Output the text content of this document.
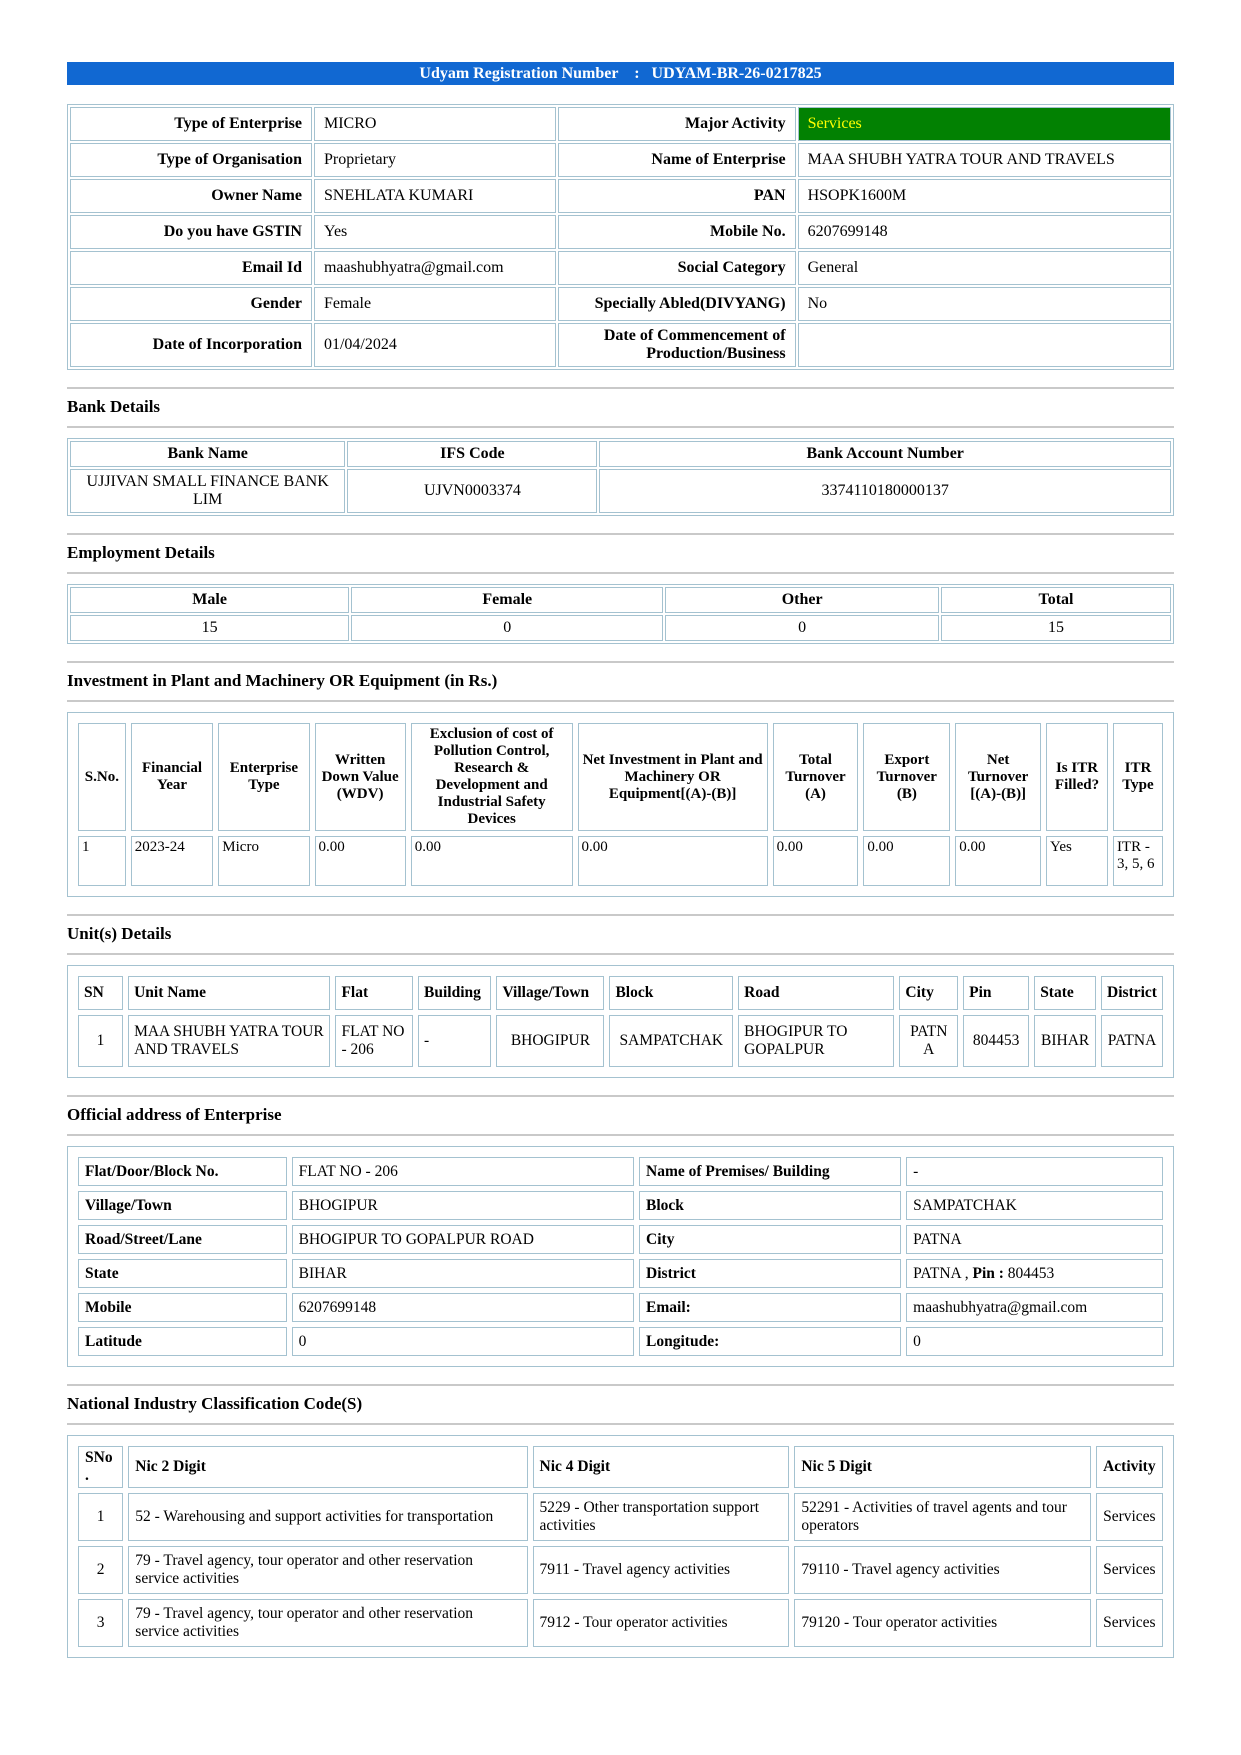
Udyam Registration Number    :   UDYAM-BR-26-0217825
Type of Enterprise	MICRO	Major Activity	Services
Type of Organisation	Proprietary	Name of Enterprise	MAA SHUBH YATRA TOUR AND TRAVELS
Owner Name	SNEHLATA KUMARI	PAN	HSOPK1600M
Do you have GSTIN	Yes	Mobile No.	6207699148
Email Id	maashubhyatra@gmail.com	Social Category	General
Gender	Female	Specially Abled(DIVYANG)	No
Date of Incorporation	01/04/2024	Date of Commencement of Production/Business	
Bank Details
Bank Name	IFS Code	Bank Account Number
UJJIVAN SMALL FINANCE BANK LIM	UJVN0003374	3374110180000137
Employment Details
Male	Female	Other	Total
15	0	0	15
Investment in Plant and Machinery OR Equipment (in Rs.)
S.No.	Financial Year	Enterprise Type	Written Down Value (WDV)	Exclusion of cost of Pollution Control, Research & Development and Industrial Safety Devices	Net Investment in Plant and Machinery OR Equipment[(A)-(B)]	Total Turnover (A)	Export Turnover (B)	Net Turnover [(A)-(B)]	Is ITR Filled?	ITR Type
1	2023-24	Micro	0.00	0.00	0.00	0.00	0.00	0.00	Yes	ITR - 3, 5, 6
Unit(s) Details
SN	Unit Name	Flat	Building	Village/Town	Block	Road	City	Pin	State	District
1	MAA SHUBH YATRA TOUR AND TRAVELS	FLAT NO - 206	-	BHOGIPUR	SAMPATCHAK	BHOGIPUR TO GOPALPUR	PATNA	804453	BIHAR	PATNA
Official address of Enterprise
Flat/Door/Block No.	FLAT NO - 206	Name of Premises/ Building	-
Village/Town	BHOGIPUR	Block	SAMPATCHAK
Road/Street/Lane	BHOGIPUR TO GOPALPUR ROAD	City	PATNA
State	BIHAR	District	PATNA , Pin : 804453
Mobile	6207699148	Email:	maashubhyatra@gmail.com
Latitude	0	Longitude:	0
National Industry Classification Code(S)
SNo.	Nic 2 Digit	Nic 4 Digit	Nic 5 Digit	Activity
1	52 - Warehousing and support activities for transportation	5229 - Other transportation support activities	52291 - Activities of travel agents and tour operators	Services
2	79 - Travel agency, tour operator and other reservation service activities	7911 - Travel agency activities	79110 - Travel agency activities	Services
3	79 - Travel agency, tour operator and other reservation service activities	7912 - Tour operator activities	79120 - Tour operator activities	Services
